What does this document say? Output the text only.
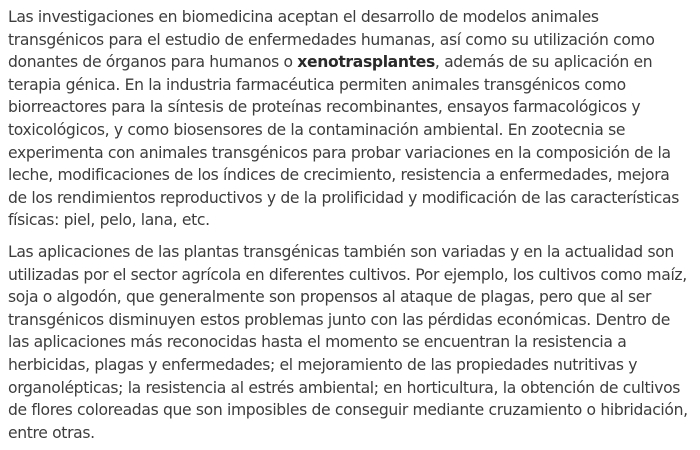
Las investigaciones en biomedicina aceptan el desarrollo de modelos animales transgénicos para el estudio de enfermedades humanas, así como su utilización como donantes de órganos para humanos o xenotrasplantes, además de su aplicación en terapia génica. En la industria farmacéutica permiten animales transgénicos como biorreactores para la síntesis de proteínas recombinantes, ensayos farmacológicos y toxicológicos, y como biosensores de la contaminación ambiental. En zootecnia se experimenta con animales transgénicos para probar variaciones en la composición de la leche, modificaciones de los índices de crecimiento, resistencia a enfermedades, mejora de los rendimientos reproductivos y de la prolificidad y modificación de las características físicas: piel, pelo, lana, etc.

Las aplicaciones de las plantas transgénicas también son variadas y en la actualidad son utilizadas por el sector agrícola en diferentes cultivos. Por ejemplo, los cultivos como maíz, soja o algodón, que generalmente son propensos al ataque de plagas, pero que al ser transgénicos disminuyen estos problemas junto con las pérdidas económicas. Dentro de las aplicaciones más reconocidas hasta el momento se encuentran la resistencia a herbicidas, plagas y enfermedades; el mejoramiento de las propiedades nutritivas y organolépticas; la resistencia al estrés ambiental; en horticultura, la obtención de cultivos de flores coloreadas que son imposibles de conseguir mediante cruzamiento o hibridación, entre otras.
